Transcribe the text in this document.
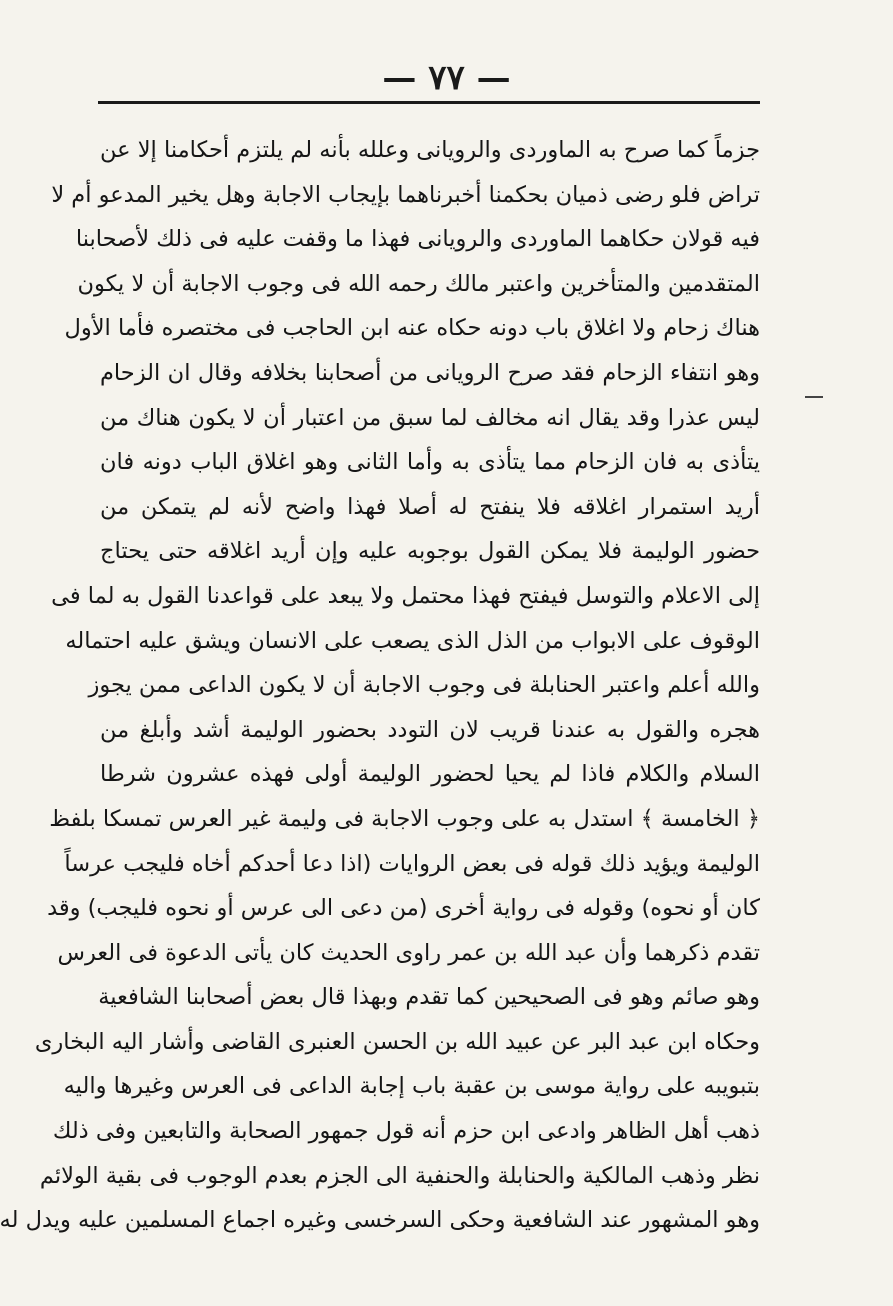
— ٧٧ —
جزماً كما صرح به الماوردى والرويانى وعلله بأنه لم يلتزم أحكامنا إلا عن
تراض فلو رضى ذميان بحكمنا أخبرناهما بإيجاب الاجابة وهل يخير المدعو أم لا
فيه قولان حكاهما الماوردى والرويانى فهذا ما وقفت عليه فى ذلك لأصحابنا
المتقدمين والمتأخرين واعتبر مالك رحمه الله فى وجوب الاجابة أن لا يكون
هناك زحام ولا اغلاق باب دونه حكاه عنه ابن الحاجب فى مختصره فأما الأول
وهو انتفاء الزحام فقد صرح الرويانى من أصحابنا بخلافه وقال ان الزحام
ليس عذرا وقد يقال انه مخالف لما سبق من اعتبار أن لا يكون هناك من
يتأذى به فان الزحام مما يتأذى به وأما الثانى وهو اغلاق الباب دونه فان
أريد استمرار اغلاقه فلا ينفتح له أصلا فهذا واضح لأنه لم يتمكن من
حضور الوليمة فلا يمكن القول بوجوبه عليه وإن أريد اغلاقه حتى يحتاج
إلى الاعلام والتوسل فيفتح فهذا محتمل ولا يبعد على قواعدنا القول به لما فى
الوقوف على الابواب من الذل الذى يصعب على الانسان ويشق عليه احتماله
والله أعلم واعتبر الحنابلة فى وجوب الاجابة أن لا يكون الداعى ممن يجوز
هجره والقول به عندنا قريب لان التودد بحضور الوليمة أشد وأبلغ من
السلام والكلام فاذا لم يحيا لحضور الوليمة أولى فهذه عشرون شرطا
﴿ الخامسة ﴾ استدل به على وجوب الاجابة فى وليمة غير العرس تمسكا بلفظ
الوليمة ويؤيد ذلك قوله فى بعض الروايات (اذا دعا أحدكم أخاه فليجب عرساً
كان أو نحوه) وقوله فى رواية أخرى (من دعى الى عرس أو نحوه فليجب) وقد
تقدم ذكرهما وأن عبد الله بن عمر راوى الحديث كان يأتى الدعوة فى العرس
وهو صائم وهو فى الصحيحين كما تقدم وبهذا قال بعض أصحابنا الشافعية
وحكاه ابن عبد البر عن عبيد الله بن الحسن العنبرى القاضى وأشار اليه البخارى
بتبويبه على رواية موسى بن عقبة باب إجابة الداعى فى العرس وغيرها واليه
ذهب أهل الظاهر وادعى ابن حزم أنه قول جمهور الصحابة والتابعين وفى ذلك
نظر وذهب المالكية والحنابلة والحنفية الى الجزم بعدم الوجوب فى بقية الولائم
وهو المشهور عند الشافعية وحكى السرخسى وغيره اجماع المسلمين عليه ويدل له
